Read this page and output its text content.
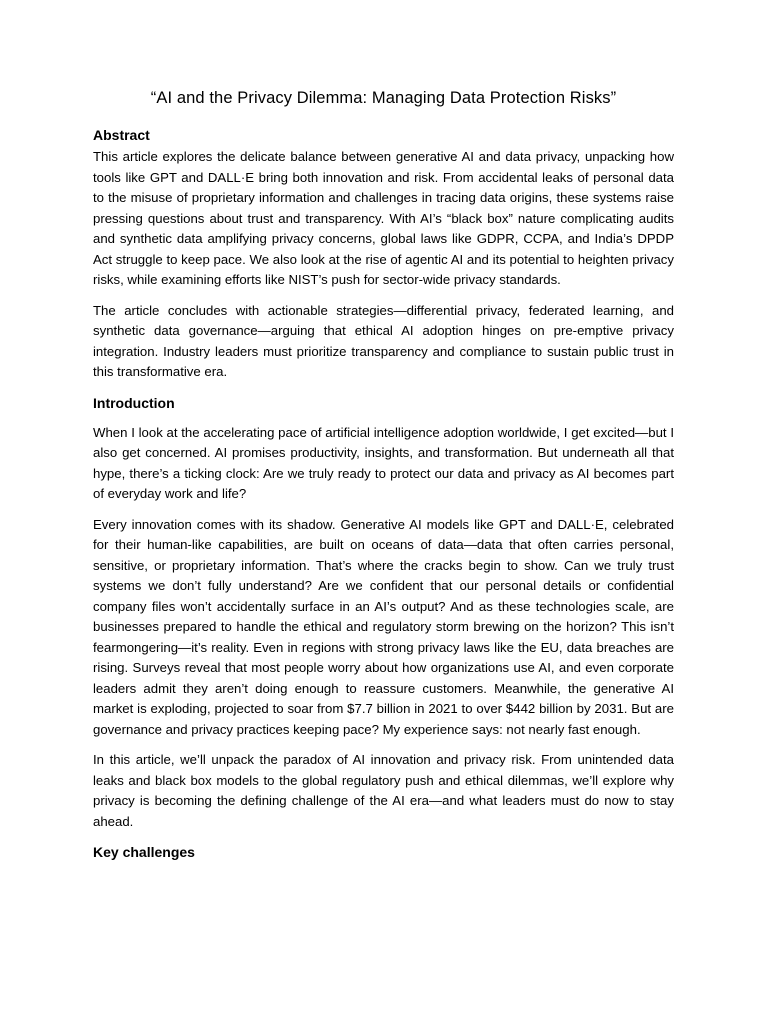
“AI and the Privacy Dilemma: Managing Data Protection Risks”
Abstract

This article explores the delicate balance between generative AI and data privacy, unpacking how tools like GPT and DALL·E bring both innovation and risk. From accidental leaks of personal data to the misuse of proprietary information and challenges in tracing data origins, these systems raise pressing questions about trust and transparency. With AI’s “black box” nature complicating audits and synthetic data amplifying privacy concerns, global laws like GDPR, CCPA, and India’s DPDP Act struggle to keep pace. We also look at the rise of agentic AI and its potential to heighten privacy risks, while examining efforts like NIST’s push for sector-wide privacy standards.

The article concludes with actionable strategies—differential privacy, federated learning, and synthetic data governance—arguing that ethical AI adoption hinges on pre-emptive privacy integration. Industry leaders must prioritize transparency and compliance to sustain public trust in this transformative era.

Introduction

When I look at the accelerating pace of artificial intelligence adoption worldwide, I get excited—but I also get concerned. AI promises productivity, insights, and transformation. But underneath all that hype, there’s a ticking clock: Are we truly ready to protect our data and privacy as AI becomes part of everyday work and life?

Every innovation comes with its shadow. Generative AI models like GPT and DALL·E, celebrated for their human-like capabilities, are built on oceans of data—data that often carries personal, sensitive, or proprietary information. That’s where the cracks begin to show. Can we truly trust systems we don’t fully understand? Are we confident that our personal details or confidential company files won’t accidentally surface in an AI’s output? And as these technologies scale, are businesses prepared to handle the ethical and regulatory storm brewing on the horizon? This isn’t fearmongering—it’s reality. Even in regions with strong privacy laws like the EU, data breaches are rising. Surveys reveal that most people worry about how organizations use AI, and even corporate leaders admit they aren’t doing enough to reassure customers. Meanwhile, the generative AI market is exploding, projected to soar from $7.7 billion in 2021 to over $442 billion by 2031. But are governance and privacy practices keeping pace? My experience says: not nearly fast enough.

In this article, we’ll unpack the paradox of AI innovation and privacy risk. From unintended data leaks and black box models to the global regulatory push and ethical dilemmas, we’ll explore why privacy is becoming the defining challenge of the AI era—and what leaders must do now to stay ahead.

Key challenges
